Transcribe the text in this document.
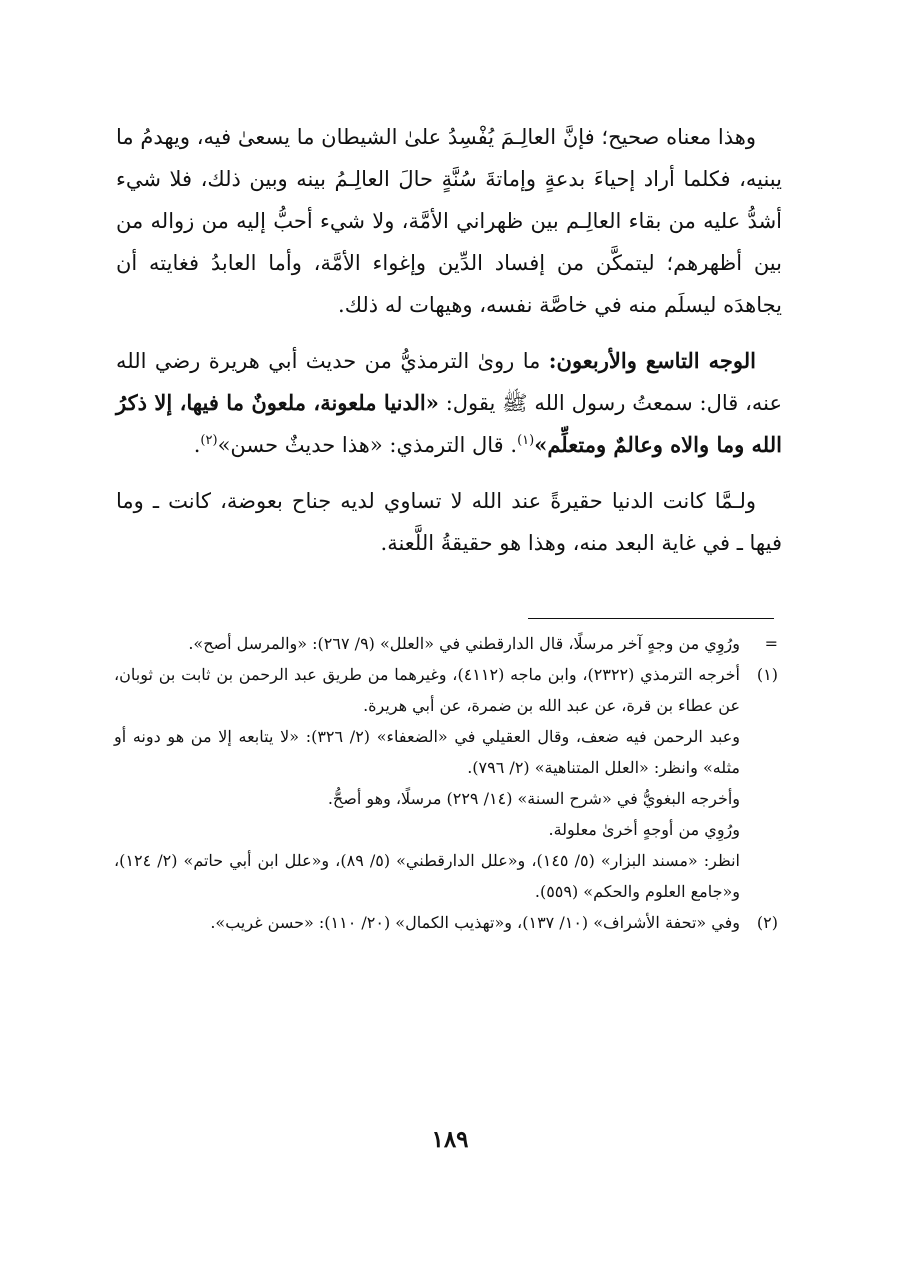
وهذا معناه صحيح؛ فإنَّ العالِـمَ يُفْسِدُ علىٰ الشيطان ما يسعىٰ فيه، ويهدمُ ما يبنيه، فكلما أراد إحياءَ بدعةٍ وإماتةَ سُنَّةٍ حالَ العالِـمُ بينه وبين ذلك، فلا شيء أشدُّ عليه من بقاء العالِـم بين ظهراني الأمَّة، ولا شيء أحبُّ إليه من زواله من بين أظهرهم؛ ليتمكَّن من إفساد الدِّين وإغواء الأمَّة، وأما العابدُ فغايته أن يجاهدَه ليسلَم منه في خاصَّة نفسه، وهيهات له ذلك.

الوجه التاسع والأربعون: ما روىٰ الترمذيُّ من حديث أبي هريرة رضي الله عنه، قال: سمعتُ رسول الله ﷺ يقول: «الدنيا ملعونة، ملعونٌ ما فيها، إلا ذكرُ الله وما والاه وعالمٌ ومتعلِّم»$^{(١)}$. قال الترمذي: «هذا حديثٌ حسن»$^{(٢)}$.

ولـمَّا كانت الدنيا حقيرةً عند الله لا تساوي لديه جناح بعوضة، كانت ـ وما فيها ـ في غاية البعد منه، وهذا هو حقيقةُ اللَّعنة.

=
ورُوِي من وجهٍ آخر مرسلًا، قال الدارقطني في «العلل» (٩/ ٢٦٧): «والمرسل أصح».
(١)
أخرجه الترمذي (٢٣٢٢)، وابن ماجه (٤١١٢)، وغيرهما من طريق عبد الرحمن بن ثابت بن ثوبان، عن عطاء بن قرة، عن عبد الله بن ضمرة، عن أبي هريرة.
وعبد الرحمن فيه ضعف، وقال العقيلي في «الضعفاء» (٢/ ٣٢٦): «لا يتابعه إلا من هو دونه أو مثله» وانظر: «العلل المتناهية» (٢/ ٧٩٦).
وأخرجه البغويُّ في «شرح السنة» (١٤/ ٢٢٩) مرسلًا، وهو أصحُّ.
ورُوِي من أوجهٍ أخرىٰ معلولة.
انظر: «مسند البزار» (٥/ ١٤٥)، و«علل الدارقطني» (٥/ ٨٩)، و«علل ابن أبي حاتم» (٢/ ١٢٤)، و«جامع العلوم والحكم» (٥٥٩).
(٢)
وفي «تحفة الأشراف» (١٠/ ١٣٧)، و«تهذيب الكمال» (٢٠/ ١١٠): «حسن غريب».
١٨٩
